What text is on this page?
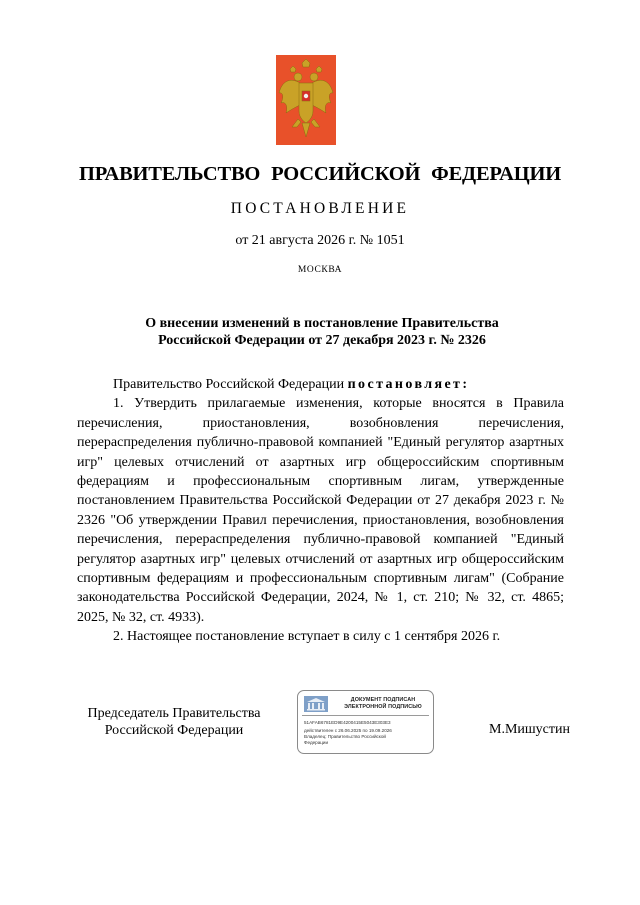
ПРАВИТЕЛЬСТВО РОССИЙСКОЙ ФЕДЕРАЦИИ
ПОСТАНОВЛЕНИЕ
от 21 августа 2026 г. № 1051
МОСКВА
О внесении изменений в постановление Правительства
Российской Федерации от 27 декабря 2023 г. № 2326

Правительство Российской Федерации постановляет:

1. Утвердить прилагаемые изменения, которые вносятся в Правила перечисления, приостановления, возобновления перечисления, перераспределения публично-правовой компанией "Единый регулятор азартных игр" целевых отчислений от азартных игр общероссийским спортивным федерациям и профессиональным спортивным лигам, утвержденные постановлением Правительства Российской Федерации от 27 декабря 2023 г. № 2326 "Об утверждении Правил перечисления, приостановления, возобновления перечисления, перераспределения публично-правовой компанией "Единый регулятор азартных игр" целевых отчислений от азартных игр общероссийским спортивным федерациям и профессиональным спортивным лигам" (Собрание законодательства Российской Федерации, 2024, № 1, ст. 210; № 32, ст. 4865; 2025, № 32, ст. 4933).

2. Настоящее постановление вступает в силу с 1 сентября 2026 г.

Председатель Правительства
Российской Федерации
ДОКУМЕНТ ПОДПИСАН
ЭЛЕКТРОННОЙ ПОДПИСЬЮ
51AFAB6781ED9E4200415E5043E303E3
действителен с 26.06.2025 по 19.09.2026
Владелец: Правительство Российской
Федерации
М.Мишустин
